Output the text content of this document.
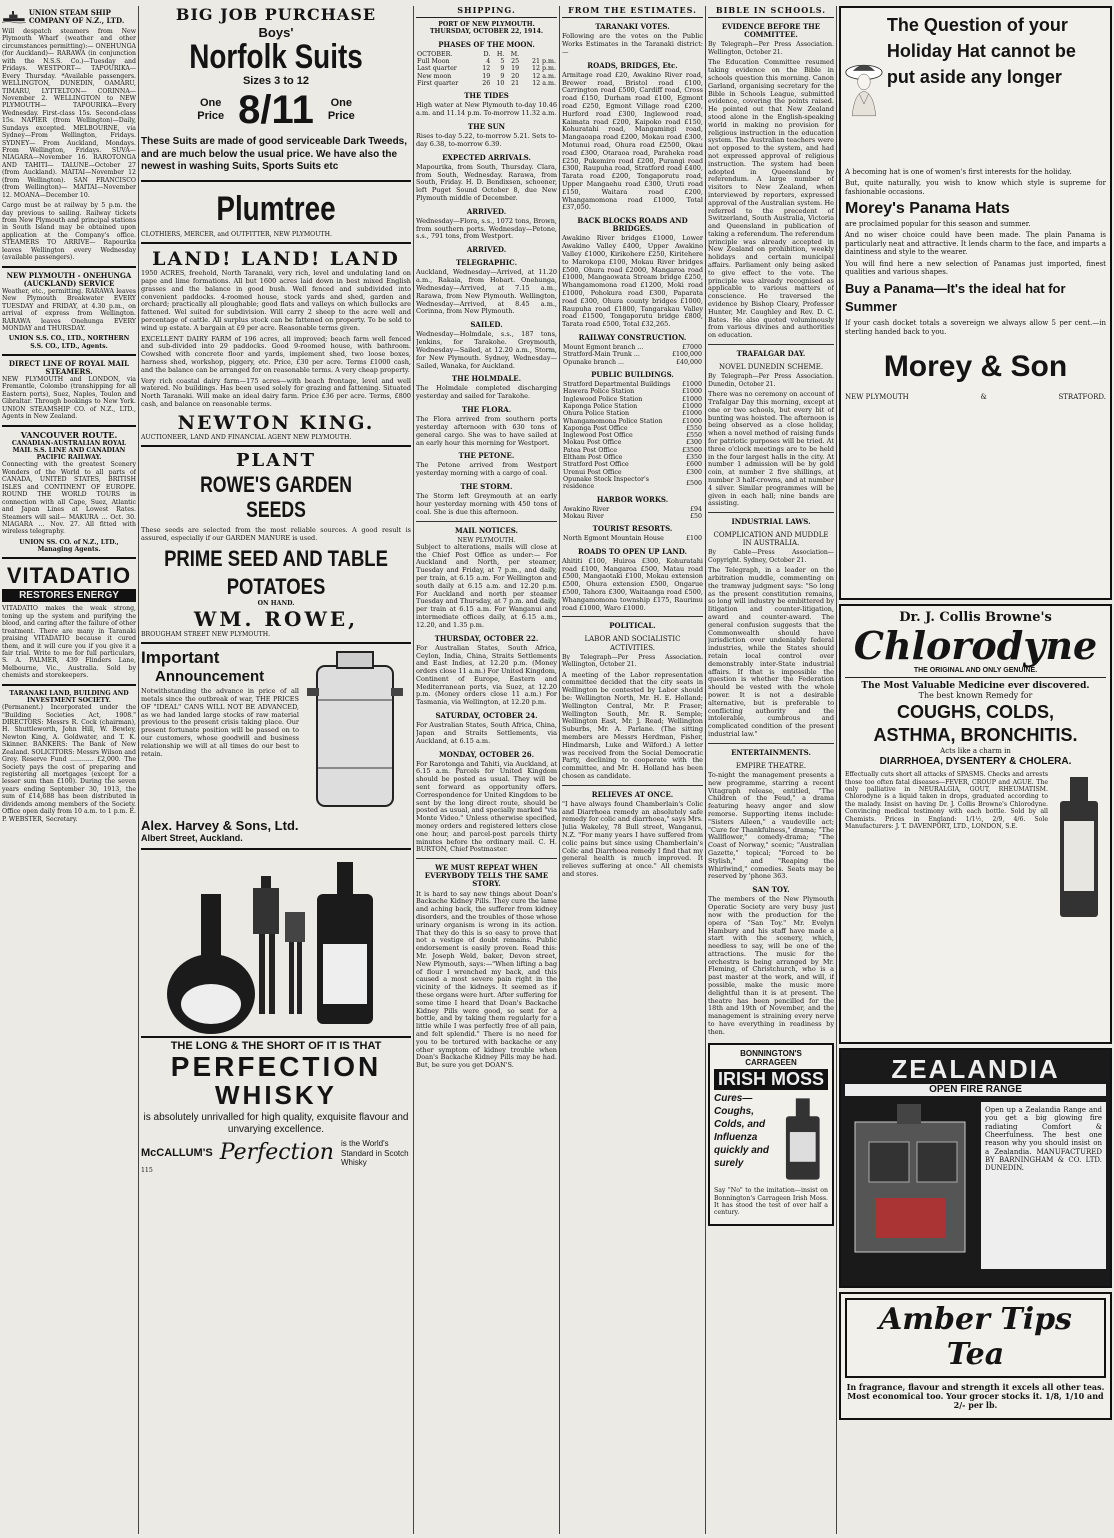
UNION STEAM SHIP COMPANY OF N.Z., LTD.
Will despatch steamers from New Plymouth Wharf (weather and other circumstances permitting):— ONEHUNGA (for Auckland)— RARAWA (in conjunction with the N.S.S. Co.)—Tuesday and Fridays. WESTPORT— TAPOURIKA—Every Thursday. *Available passengers. WELLINGTON, DUNEDIN, OAMARU, TIMARU, LYTTELTON— CORINNA—November 2. WELLINGTON to NEW PLYMOUTH— TAPOURIKA—Every Wednesday. First-class 15s. Second-class 15s. NAPIER (from Wellington)—Daily, Sundays excepted. MELBOURNE, via Sydney—From Wellington, Fridays. SYDNEY— From Auckland, Mondays. From Wellington, Fridays. SUVA— NIAGARA—November 16. RAROTONGA AND TAHITI— TALUNE—October 27 (from Auckland). MAITAI—November 12 (from Wellington). SAN FRANCISCO (from Wellington)— MAITAI—November 12. MOANA—December 10.
Cargo must be at railway by 5 p.m. the day previous to sailing. Railway tickets from New Plymouth and principal stations in South Island may be obtained upon application at the Company's office. STEAMERS TO ARRIVE— Rapourika leaves Wellington every Wednesday (available passengers).
NEW PLYMOUTH - ONEHUNGA (AUCKLAND) SERVICE
Weather, etc., permitting. RARAWA leaves New Plymouth Breakwater EVERY TUESDAY and FRIDAY, at 4.30 p.m., on arrival of express from Wellington. RARAWA leaves Onehunga EVERY MONDAY and THURSDAY.
UNION S.S. CO., LTD., NORTHERN S.S. CO., LTD., Agents.
DIRECT LINE OF ROYAL MAIL STEAMERS.
NEW PLYMOUTH and LONDON, via Fremantle, Colombo (transhipping for all Eastern ports), Suez, Naples, Toulon and Gibraltar. Through bookings to New York. UNION STEAMSHIP CO. of N.Z., LTD., Agents in New Zealand.
VANCOUVER ROUTE.
CANADIAN-AUSTRALIAN ROYAL MAIL S.S. LINE AND CANADIAN PACIFIC RAILWAY.
Connecting with the greatest Scenery Wonders of the World to all parts of CANADA, UNITED STATES, BRITISH ISLES and CONTINENT OF EUROPE. ROUND THE WORLD TOURS in connection with all Cape, Suez, Atlantic and Japan Lines at Lowest Rates. Steamers will sail— MAKURA ... Oct. 30. NIAGARA ... Nov. 27. All fitted with wireless telegraphy.
UNION SS. CO. of N.Z., LTD., Managing Agents.
VITADATIO
RESTORES ENERGY
VITADATIO makes the weak strong, toning up the system and purifying the blood, and caring after the failure of other treatment. There are many in Taranaki praising VITADATIO because it cured them, and it will cure you if you give it a fair trial. Write to me for full particulars, S. A. PALMER, 439 Flinders Lane, Melbourne, Vic., Australia. Sold by chemists and storekeepers.
TARANAKI LAND, BUILDING AND INVESTMENT SOCIETY.
(Permanent.) Incorporated under the "Building Societies Act, 1908." DIRECTORS: Messrs R. Cock (chairman), H. Shuttleworth, John Hill, W. Bewley, Newton King, A. Goldwater, and T. K. Skinner. BANKERS: The Bank of New Zealand. SOLICITORS: Messrs Wilson and Grey. Reserve Fund ............ £2,000. The Society pays the cost of preparing and registering all mortgages (except for a lesser sum than £100). During the seven years ending September 30, 1913, the sum of £14,688 has been distributed in dividends among members of the Society. Office open daily from 10 a.m. to 1 p.m. E. P. WEBSTER, Secretary.
BIG JOB PURCHASE
Boys'
Norfolk Suits
Sizes 3 to 12
One
Price 8/11 One
Price
These Suits are made of good serviceable Dark Tweeds, and are much below the usual price. We have also the newest in washing Suits, Sports Suits etc
Plumtree
CLOTHIERS, MERCER, and OUTFITTER, NEW PLYMOUTH.
LAND! LAND! LAND
1950 ACRES, freehold, North Taranaki, very rich, level and undulating land on pape and lime formations. All but 1600 acres laid down in best mixed English grasses and the balance in good bush. Well fenced and subdivided into convenient paddocks. 4-roomed house, stock yards and shed, garden and orchard; practically all ploughable; good flats and valleys on which bullocks are fattened. Wel suited for subdivision. Will carry 2 sheep to the acre well and percentage of cattle. All surplus stock can be fattened on property. To be sold to wind up estate. A bargain at £9 per acre. Reasonable terms given.
EXCELLENT DAIRY FARM of 196 acres, all improved; beach farm well fenced and sub-divided into 29 paddocks. Good 9-roomed house, with bathroom. Cowshed with concrete floor and yards, implement shed, two loose boxes, harness shed, workshop, piggery, etc. Price, £30 per acre. Terms £1000 cash, and the balance can be arranged for on reasonable terms. A very cheap property.
Very rich coastal dairy farm—175 acres—with beach frontage, level and well watered. No buildings. Has been used solely for grazing and fattening. Situated North Taranaki. Will make an ideal dairy farm. Price £36 per acre. Terms, £800 cash, and balance on reasonable terms.
NEWTON KING.
AUCTIONEER, LAND AND FINANCIAL AGENT NEW PLYMOUTH.
PLANT
ROWE'S GARDEN SEEDS
These seeds are selected from the most reliable sources. A good result is assured, especially if our GARDEN MANURE is used.
PRIME SEED AND TABLE POTATOES
ON HAND.
WM. ROWE,
BROUGHAM STREET NEW PLYMOUTH.
Important
Announcement
Notwithstanding the advance in price of all metals since the outbreak of war, THE PRICES OF "IDEAL" CANS WILL NOT BE ADVANCED, as we had landed large stocks of raw material previous to the present crisis taking place. Our present fortunate position will be passed on to our customers, whose goodwill and business relationship we will at all times do our best to retain.
Alex. Harvey & Sons, Ltd.
Albert Street, Auckland.
THE LONG & THE SHORT OF IT IS THAT
PERFECTION
WHISKY
is absolutely unrivalled for high quality, exquisite flavour and unvarying excellence.
McCALLUM'S Perfection is the World's Standard in Scotch Whisky
115
SHIPPING.
PORT OF NEW PLYMOUTH.
THURSDAY, OCTOBER 22, 1914.
PHASES OF THE MOON.
OCTOBER.	D.	H.	M.	
Full Moon	4	5	25	21 p.m.
Last quarter	12	9	19	12 p.m.
New moon	19	9	20	12 a.m.
First quarter	26	10	21	12 a.m.
THE TIDES
High water at New Plymouth to-day 10.46 a.m. and 11.14 p.m. To-morrow 11.32 a.m.
THE SUN
Rises to-day 5.22, to-morrow 5.21. Sets to-day 6.38, to-morrow 6.39.
EXPECTED ARRIVALS.
Mapourika, from South, Thursday. Clara, from South, Wednesday. Rarawa, from South, Friday. H. D. Bendixsen, schooner, left Puget Sound October 8, due New Plymouth middle of December.
ARRIVED.
Wednesday—Flora, s.s., 1072 tons, Brown, from southern ports. Wednesday—Petone, s.s., 791 tons, from Westport.
ARRIVED.
TELEGRAPHIC.
Auckland, Wednesday—Arrived, at 11.20 a.m., Rakaia, from Hobart. Onehunga, Wednesday—Arrived, at 7.15 a.m., Rarawa, from New Plymouth. Wellington, Wednesday—Arrived, at 8.45 a.m., Corinna, from New Plymouth.
SAILED.
Wednesday—Holmdale, s.s., 187 tons, Jenkins, for Tarakohe. Greymouth, Wednesday—Sailed, at 12.20 a.m., Storm, for New Plymouth. Sydney, Wednesday—Sailed, Wanaka, for Auckland.
THE HOLMDALE.
The Holmdale completed discharging yesterday and sailed for Tarakohe.
THE FLORA.
The Flora arrived from southern ports yesterday afternoon with 630 tons of general cargo. She was to have sailed at an early hour this morning for Westport.
THE PETONE.
The Petone arrived from Westport yesterday morning with a cargo of coal.
THE STORM.
The Storm left Greymouth at an early hour yesterday morning with 450 tons of coal. She is due this afternoon.
MAIL NOTICES.
NEW PLYMOUTH.
Subject to alterations, mails will close at the Chief Post Office as under:— For Auckland and North, per steamer, Tuesday and Friday, at 7 p.m., and daily, per train, at 6.15 a.m. For Wellington and south daily at 6.15 a.m. and 12.20 p.m. For Auckland and north per steamer Tuesday and Thursday, at 7 p.m. and daily, per train at 6.15 a.m. For Wanganui and intermediate offices daily, at 6.15 a.m., 12.20, and 1.35 p.m.
THURSDAY, OCTOBER 22.
For Australian States, South Africa, Ceylon, India, China, Straits Settlements and East Indies, at 12.20 p.m. (Money orders close 11 a.m.) For United Kingdom, Continent of Europe, Eastern and Mediterranean ports, via Suez, at 12.20 p.m. (Money orders close 11 a.m.) For Tasmania, via Wellington, at 12.20 p.m.
SATURDAY, OCTOBER 24.
For Australian States, South Africa, China, Japan and Straits Settlements, via Auckland, at 6.15 a.m.
MONDAY, OCTOBER 26.
For Rarotonga and Tahiti, via Auckland, at 6.15 a.m. Parcels for United Kingdom should be posted as usual. They will be sent forward as opportunity offers. Correspondence for United Kingdom to be sent by the long direct route, should be posted as usual, and specially marked "via Monte Video." Unless otherwise specified, money orders and registered letters close one hour, and parcel-post parcels thirty minutes before the ordinary mail. C. H. BURTON, Chief Postmaster.
WE MUST REPEAT WHEN EVERYBODY TELLS THE SAME STORY.
It is hard to say new things about Doan's Backache Kidney Pills. They cure the lame and aching back, the sufferer from kidney disorders, and the troubles of those whose urinary organism is wrong in its action. That they do this is so easy to prove that not a vestige of doubt remains. Public endorsement is easily proven. Read this: Mr. Joseph Weld, baker, Devon street, New Plymouth, says:—"When lifting a bag of flour I wrenched my back, and this caused a most severe pain right in the vicinity of the kidneys. It seemed as if these organs were hurt. After suffering for some time I heard that Doan's Backache Kidney Pills were good, so sent for a bottle, and by taking them regularly for a little while I was perfectly free of all pain, and felt splendid." There is no need for you to be tortured with backache or any other symptom of kidney trouble when Doan's Backache Kidney Pills may be had. But, be sure you get DOAN'S.
FROM THE ESTIMATES.
TARANAKI VOTES.
Following are the votes on the Public Works Estimates in the Taranaki district:—
ROADS, BRIDGES, Etc.
Armitage road £20, Awakino River road, Brewer road, Bristol road £100, Carrington road £500, Cardiff road, Cross road £150, Durham road £100, Egmont road £250, Egmont Village road £200, Hurford road £300, Inglewood road, Kaimata road £200, Kaipoko road £150, Kohuratahi road, Mangamingi road, Mangaoapa road £200, Mokau road £300, Motunui road, Ohura road £2500, Okau road £300, Otaraoa road, Paraheka road £250, Pukemiro road £200, Purangi road £300, Raupuha road, Stratford road £400, Tarata road £200, Tongaporutu road, Upper Mangaehu road £300, Uruti road £150, Waitara road £200, Whangamomona road £1000, Total £37,050.
BACK BLOCKS ROADS AND BRIDGES.
Awakino River bridges £1000, Lower Awakino Valley £400, Upper Awakino Valley £1000, Kirikohere £250, Kiritehere to Marokopa £100, Mokau River bridges £500, Ohura road £2000, Mangaroa road £1000, Mangaowata Stream bridge £250, Whangamomona road £1200, Moki road £1000, Pohokura road £300, Paparata road £300, Ohura county bridges £1000, Raupuha road £1800, Tangarakau Valley road £1500, Tongaporutu bridge £800, Tarata road £500, Total £32,265.
RAILWAY CONSTRUCTION.
Mount Egmont branch ...	£7000
Stratford-Main Trunk ...	£100,000
Opunake branch ...	£40,000
PUBLIC BUILDINGS.
Stratford Departmental Buildings	£1000
Hawera Police Station	£1000
Inglewood Police Station	£1000
Kaponga Police Station	£1000
Ohura Police Station	£1000
Whangamomona Police Station	£1000
Kaponga Post Office	£550
Inglewood Post Office	£550
Mokau Post Office	£300
Patea Post Office	£3500
Eltham Post Office	£350
Stratford Post Office	£600
Urenui Post Office	£300
Opunake Stock Inspector's residence	£500
HARBOR WORKS.
Awakino River	£94
Mokau River	£50
TOURIST RESORTS.
North Egmont Mountain House	£100
ROADS TO OPEN UP LAND.
Ahititi £100, Huiroa £300, Kohuratahi road £100, Mangaroa £500, Matau road £500, Mangaotaki £100, Mokau extension £500, Ohura extension £500, Ongarue £500, Tahora £300, Waitaanga road £500, Whangamomona township £175, Raurimu road £1000, Waro £1000.
POLITICAL.
LABOR AND SOCIALISTIC ACTIVITIES.
By Telegraph—Per Press Association. Wellington, October 21.
A meeting of the Labor representation committee decided that the city seats in Wellington be contested by Labor should be: Wellington North, Mr. H. E. Holland; Wellington Central, Mr. P. Fraser; Wellington South, Mr. R. Semple; Wellington East, Mr. J. Read; Wellington Suburbs, Mr. A. Parlane. (The sitting members are Messrs Herdman, Fisher, Hindmarsh, Luke and Wilford.) A letter was received from the Social Democratic Party, declining to cooperate with the committee, and Mr. H. Holland has been chosen as candidate.
RELIEVES AT ONCE.
"I have always found Chamberlain's Colic and Diarrhoea remedy an absolutely safe remedy for colic and diarrhoea," says Mrs. Julia Wakeley, 78 Bull street, Wanganui, N.Z. "For many years I have suffered from colic pains but since using Chamberlain's Colic and Diarrhoea remedy I find that my general health is much improved. It relieves suffering at once." All chemists and stores.
BIBLE IN SCHOOLS.
EVIDENCE BEFORE THE COMMITTEE.
By Telegraph—Per Press Association. Wellington, October 21.
The Education Committee resumed taking evidence on the Bible in schools question this morning. Canon Garland, organising secretary for the Bible in Schools League, submitted evidence, covering the points raised. He pointed out that New Zealand stood alone in the English-speaking world in making no provision for religious instruction in the education system. The Australian teachers were not opposed to the system, and had not expressed approval of religious instruction. The system had been adopted in Queensland by referendum. A large number of visitors to New Zealand, when interviewed by reporters, expressed approval of the Australian system. He referred to the precedent of Switzerland, South Australia, Victoria and Queensland in publication of taking a referendum. The referendum principle was already accepted in New Zealand on prohibition, weekly holidays and certain municipal affairs. Parliament only being asked to give effect to the vote. The principle was already recognised as applicable to various matters of conscience. He traversed the evidence by Bishop Cleary, Professor Hunter, Mr. Caughley and Rev. D. C. Bates. He also quoted voluminously from various divines and authorities on education.
TRAFALGAR DAY.
NOVEL DUNEDIN SCHEME.
By Telegraph—Per Press Association. Dunedin, October 21.
There was no ceremony on account of Trafalgar Day this morning, except at one or two schools, but every bit of bunting was hoisted. The afternoon is being observed as a close holiday, when a novel method of raising funds for patriotic purposes will be tried. At three o'clock meetings are to be held in the four largest halls in the city. At number 1 admission will be by gold coin, at number 2 five shillings, at number 3 half-crowns, and at number 4 silver. Similar programmes will be given in each hall; nine bands are assisting.
INDUSTRIAL LAWS.
COMPLICATION AND MUDDLE IN AUSTRALIA.
By Cable—Press Association—Copyright. Sydney, October 21.
The Telegraph, in a leader on the arbitration muddle, commenting on the tramway judgment says: "So long as the present constitution remains, so long will industry be embittered by litigation and counter-litigation, award and counter-award. The general confusion suggests that the Commonwealth should have jurisdiction over undeniably federal industries, while the States should retain local control over demonstrably inter-State industrial affairs. If that is impossible the question is whether the Federation should be vested with the whole power. It is not a desirable alternative, but is preferable to conflicting authority and the intolerable, cumbrous and complicated condition of the present industrial law."
ENTERTAINMENTS.
EMPIRE THEATRE.
To-night the management presents a new programme, starring a recent Vitagraph release, entitled, "The Children of the Feud," a drama featuring heavy anger and slow remorse. Supporting items include: "Sisters Aileen," a vaudeville act; "Cure for Thankfulness," drama; "The Wallflower," comedy-drama; "The Coast of Norway," scenic; "Australian Gazette," topical; "Forced to be Stylish," and "Reaping the Whirlwind," comedies. Seats may be reserved by 'phone 363.
SAN TOY.
The members of the New Plymouth Operatic Society are very busy just now with the production for the opera of "San Toy." Mr. Evelyn Hambury and his staff have made a start with the scenery, which, needless to say, will be one of the attractions. The music for the orchestra is being arranged by Mr. Fleming, of Christchurch, who is a past master at the work, and will, if possible, make the music more delightful than it is at present. The theatre has been pencilled for the 18th and 19th of November, and the management is straining every nerve to have everything in readiness by then.
BONNINGTON'S CARRAGEEN
IRISH MOSS
Cures— Coughs, Colds, and Influenza quickly and surely
Say "No" to the imitation—insist on Bonnington's Carrageen Irish Moss. It has stood the test of over half a century.
The Question of your Holiday Hat cannot be put aside any longer
A becoming hat is one of women's first interests for the holiday.
But, quite naturally, you wish to know which style is supreme for fashionable occasions.
Morey's Panama Hats
are proclaimed popular for this season and summer.
And no wiser choice could have been made. The plain Panama is particularly neat and attractive. It lends charm to the face, and imparts a daintiness and style to the wearer.
You will find here a new selection of Panamas just imported, finest qualities and various shapes.
Buy a Panama—It's the ideal hat for Summer
If your cash docket totals a sovereign we always allow 5 per cent.—in sterling handed back to you.
Morey & Son
NEW PLYMOUTH	&	STRATFORD.
Dr. J. Collis Browne's
Chlorodyne
THE ORIGINAL AND ONLY GENUINE.
The Most Valuable Medicine ever discovered.
The best known Remedy for
COUGHS, COLDS,
ASTHMA, BRONCHITIS.
Acts like a charm in
DIARRHOEA, DYSENTERY & CHOLERA.
Effectually cuts short all attacks of SPASMS. Checks and arrests those too often fatal diseases—FEVER, CROUP and AGUE. The only palliative in NEURALGIA, GOUT, RHEUMATISM. Chlorodyne is a liquid taken in drops, graduated according to the malady. Insist on having Dr. J. Collis Browne's Chlorodyne. Convincing medical testimony with each bottle. Sold by all Chemists. Prices in England: 1/1½, 2/9, 4/6. Sole Manufacturers: J. T. DAVENPORT, LTD., LONDON, S.E.
ZEALANDIA
OPEN FIRE RANGE
Open up a Zealandia Range and you get a big glowing fire radiating Comfort & Cheerfulness. The best one reason why you should insist on a Zealandia. MANUFACTURED BY BARNINGHAM & CO. LTD. DUNEDIN.
Amber Tips Tea
In fragrance, flavour and strength it excels all other teas. Most economical too. Your grocer stocks it. 1/8, 1/10 and 2/- per lb.
